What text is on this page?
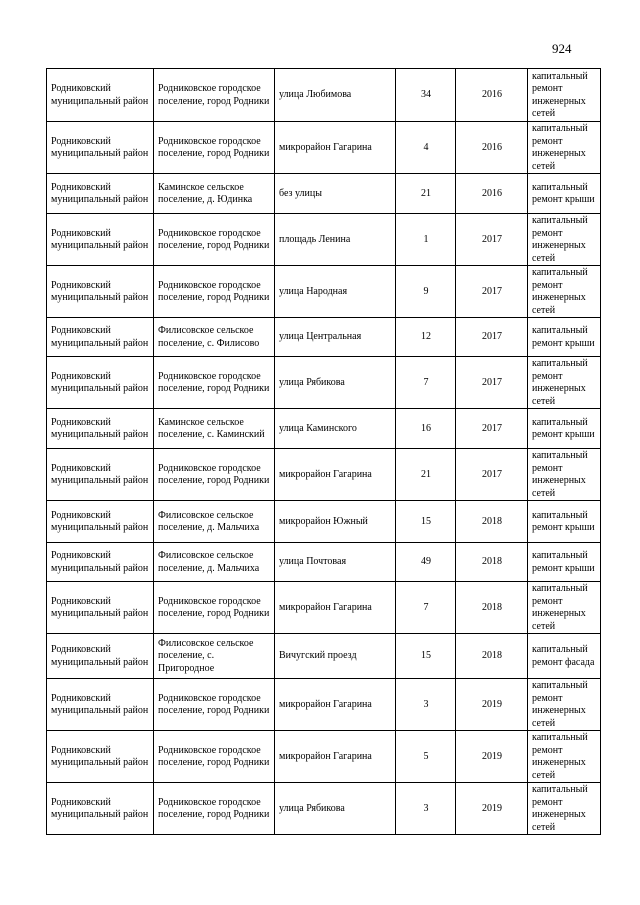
924
Родниковский муниципальный район	Родниковское городское поселение, город Родники	улица Любимова	34	2016	капитальный ремонт инженерных сетей
Родниковский муниципальный район	Родниковское городское поселение, город Родники	микрорайон Гагарина	4	2016	капитальный ремонт инженерных сетей
Родниковский муниципальный район	Каминское сельское поселение, д. Юдинка	без улицы	21	2016	капитальный ремонт крыши
Родниковский муниципальный район	Родниковское городское поселение, город Родники	площадь Ленина	1	2017	капитальный ремонт инженерных сетей
Родниковский муниципальный район	Родниковское городское поселение, город Родники	улица Народная	9	2017	капитальный ремонт инженерных сетей
Родниковский муниципальный район	Филисовское сельское поселение, с. Филисово	улица Центральная	12	2017	капитальный ремонт крыши
Родниковский муниципальный район	Родниковское городское поселение, город Родники	улица Рябикова	7	2017	капитальный ремонт инженерных сетей
Родниковский муниципальный район	Каминское сельское поселение, с. Каминский	улица Каминского	16	2017	капитальный ремонт крыши
Родниковский муниципальный район	Родниковское городское поселение, город Родники	микрорайон Гагарина	21	2017	капитальный ремонт инженерных сетей
Родниковский муниципальный район	Филисовское сельское поселение, д. Мальчиха	микрорайон Южный	15	2018	капитальный ремонт крыши
Родниковский муниципальный район	Филисовское сельское поселение, д. Мальчиха	улица Почтовая	49	2018	капитальный ремонт крыши
Родниковский муниципальный район	Родниковское городское поселение, город Родники	микрорайон Гагарина	7	2018	капитальный ремонт инженерных сетей
Родниковский муниципальный район	Филисовское сельское поселение, с. Пригородное	Вичугский проезд	15	2018	капитальный ремонт фасада
Родниковский муниципальный район	Родниковское городское поселение, город Родники	микрорайон Гагарина	3	2019	капитальный ремонт инженерных сетей
Родниковский муниципальный район	Родниковское городское поселение, город Родники	микрорайон Гагарина	5	2019	капитальный ремонт инженерных сетей
Родниковский муниципальный район	Родниковское городское поселение, город Родники	улица Рябикова	3	2019	капитальный ремонт инженерных сетей
